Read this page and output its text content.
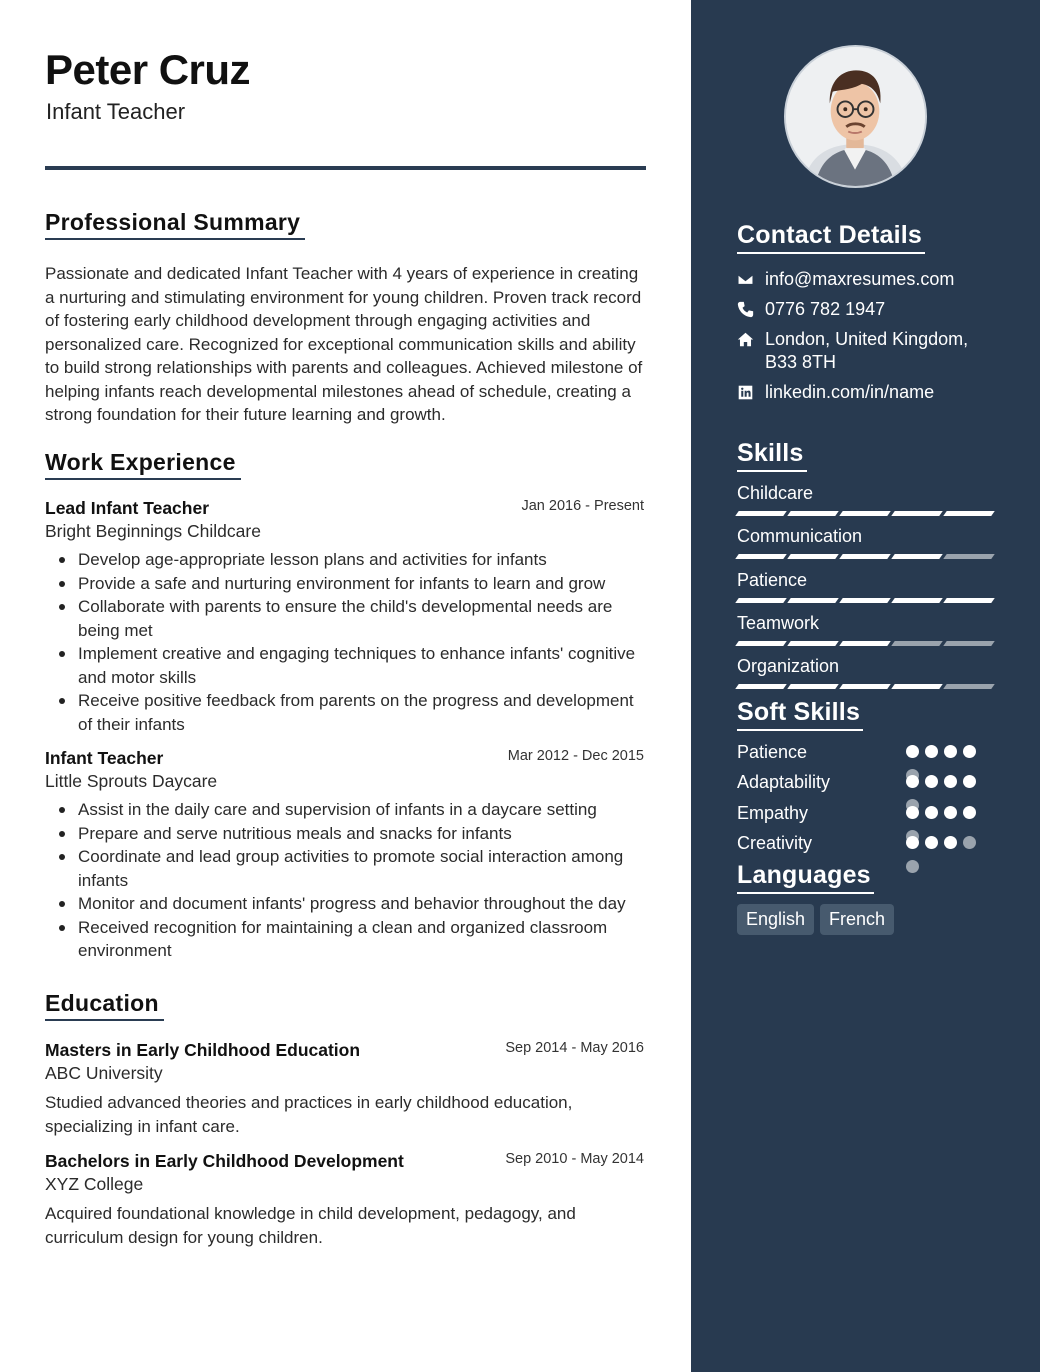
Peter Cruz
Infant Teacher
Professional Summary

Passionate and dedicated Infant Teacher with 4 years of experience in creating a nurturing and stimulating environment for young children. Proven track record of fostering early childhood development through engaging activities and personalized care. Recognized for exceptional communication skills and ability to build strong relationships with parents and colleagues. Achieved milestone of helping infants reach developmental milestones ahead of schedule, creating a strong foundation for their future learning and growth.

Work Experience
Lead Infant Teacher	Jan 2016 - Present
Bright Beginnings Childcare
Develop age-appropriate lesson plans and activities for infants
Provide a safe and nurturing environment for infants to learn and grow
Collaborate with parents to ensure the child's developmental needs are being met
Implement creative and engaging techniques to enhance infants' cognitive and motor skills
Receive positive feedback from parents on the progress and development of their infants
Infant Teacher	Mar 2012 - Dec 2015
Little Sprouts Daycare
Assist in the daily care and supervision of infants in a daycare setting
Prepare and serve nutritious meals and snacks for infants
Coordinate and lead group activities to promote social interaction among infants
Monitor and document infants' progress and behavior throughout the day
Received recognition for maintaining a clean and organized classroom environment
Education
Masters in Early Childhood Education	Sep 2014 - May 2016
ABC University

Studied advanced theories and practices in early childhood education, specializing in infant care.

Bachelors in Early Childhood Development	Sep 2010 - May 2014
XYZ College

Acquired foundational knowledge in child development, pedagogy, and curriculum design for young children.

Contact Details
info@maxresumes.com
0776 782 1947
London, United Kingdom,
B33 8TH
linkedin.com/in/name
Skills
Childcare
Communication
Patience
Teamwork
Organization
Soft Skills
Patience
Adaptability
Empathy
Creativity
Languages
English	French
